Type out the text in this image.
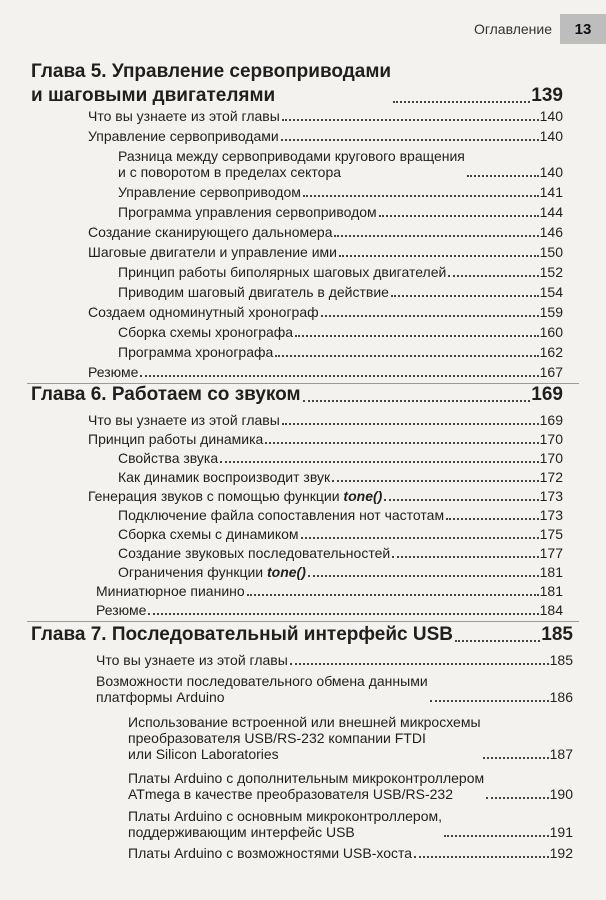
Оглавление	13
Глава 5. Управление сервоприводами
и шаговыми двигателями	139
Что вы узнаете из этой главы	140
Управление сервоприводами	140
Разница между сервоприводами кругового вращения
и с поворотом в пределах сектора	140
Управление сервоприводом	141
Программа управления сервоприводом	144
Создание сканирующего дальномера	146
Шаговые двигатели и управление ими	150
Принцип работы биполярных шаговых двигателей	152
Приводим шаговый двигатель в действие	154
Создаем одноминутный хронограф	159
Сборка схемы хронографа	160
Программа хронографа	162
Резюме	167
Глава 6. Работаем со звуком	169
Что вы узнаете из этой главы	169
Принцип работы динамика	170
Свойства звука	170
Как динамик воспроизводит звук	172
Генерация звуков с помощью функции tone()	173
Подключение файла сопоставления нот частотам	173
Сборка схемы с динамиком	175
Создание звуковых последовательностей	177
Ограничения функции tone()	181
Миниатюрное пианино	181
Резюме	184
Глава 7. Последовательный интерфейс USB	185
Что вы узнаете из этой главы	185
Возможности последовательного обмена данными
платформы Arduino	186
Использование встроенной или внешней микросхемы
преобразователя USB/RS-232 компании FTDI
или Silicon Laboratories	187
Платы Arduino с дополнительным микроконтроллером
ATmega в качестве преобразователя USB/RS-232	190
Платы Arduino с основным микроконтроллером,
поддерживающим интерфейс USB	191
Платы Arduino с возможностями USB-хоста	192
